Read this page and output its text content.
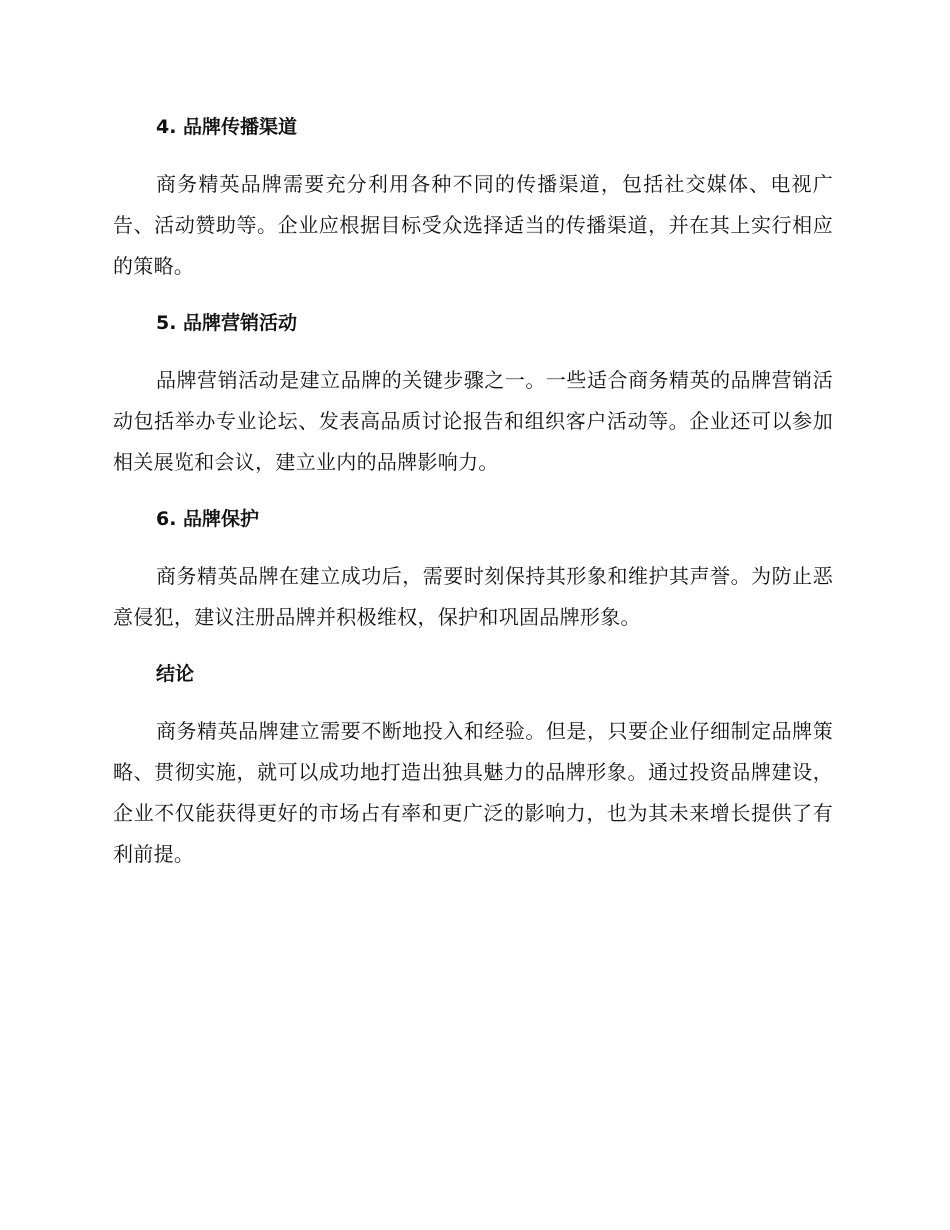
4. 品牌传播渠道

商务精英品牌需要充分利用各种不同的传播渠道，包括社交媒体、电视广告、活动赞助等。企业应根据目标受众选择适当的传播渠道，并在其上实行相应的策略。

5. 品牌营销活动

品牌营销活动是建立品牌的关键步骤之一。一些适合商务精英的品牌营销活动包括举办专业论坛、发表高品质讨论报告和组织客户活动等。企业还可以参加相关展览和会议，建立业内的品牌影响力。

6. 品牌保护

商务精英品牌在建立成功后，需要时刻保持其形象和维护其声誉。为防止恶意侵犯，建议注册品牌并积极维权，保护和巩固品牌形象。

结论

商务精英品牌建立需要不断地投入和经验。但是，只要企业仔细制定品牌策略、贯彻实施，就可以成功地打造出独具魅力的品牌形象。通过投资品牌建设，企业不仅能获得更好的市场占有率和更广泛的影响力，也为其未来增长提供了有利前提。
